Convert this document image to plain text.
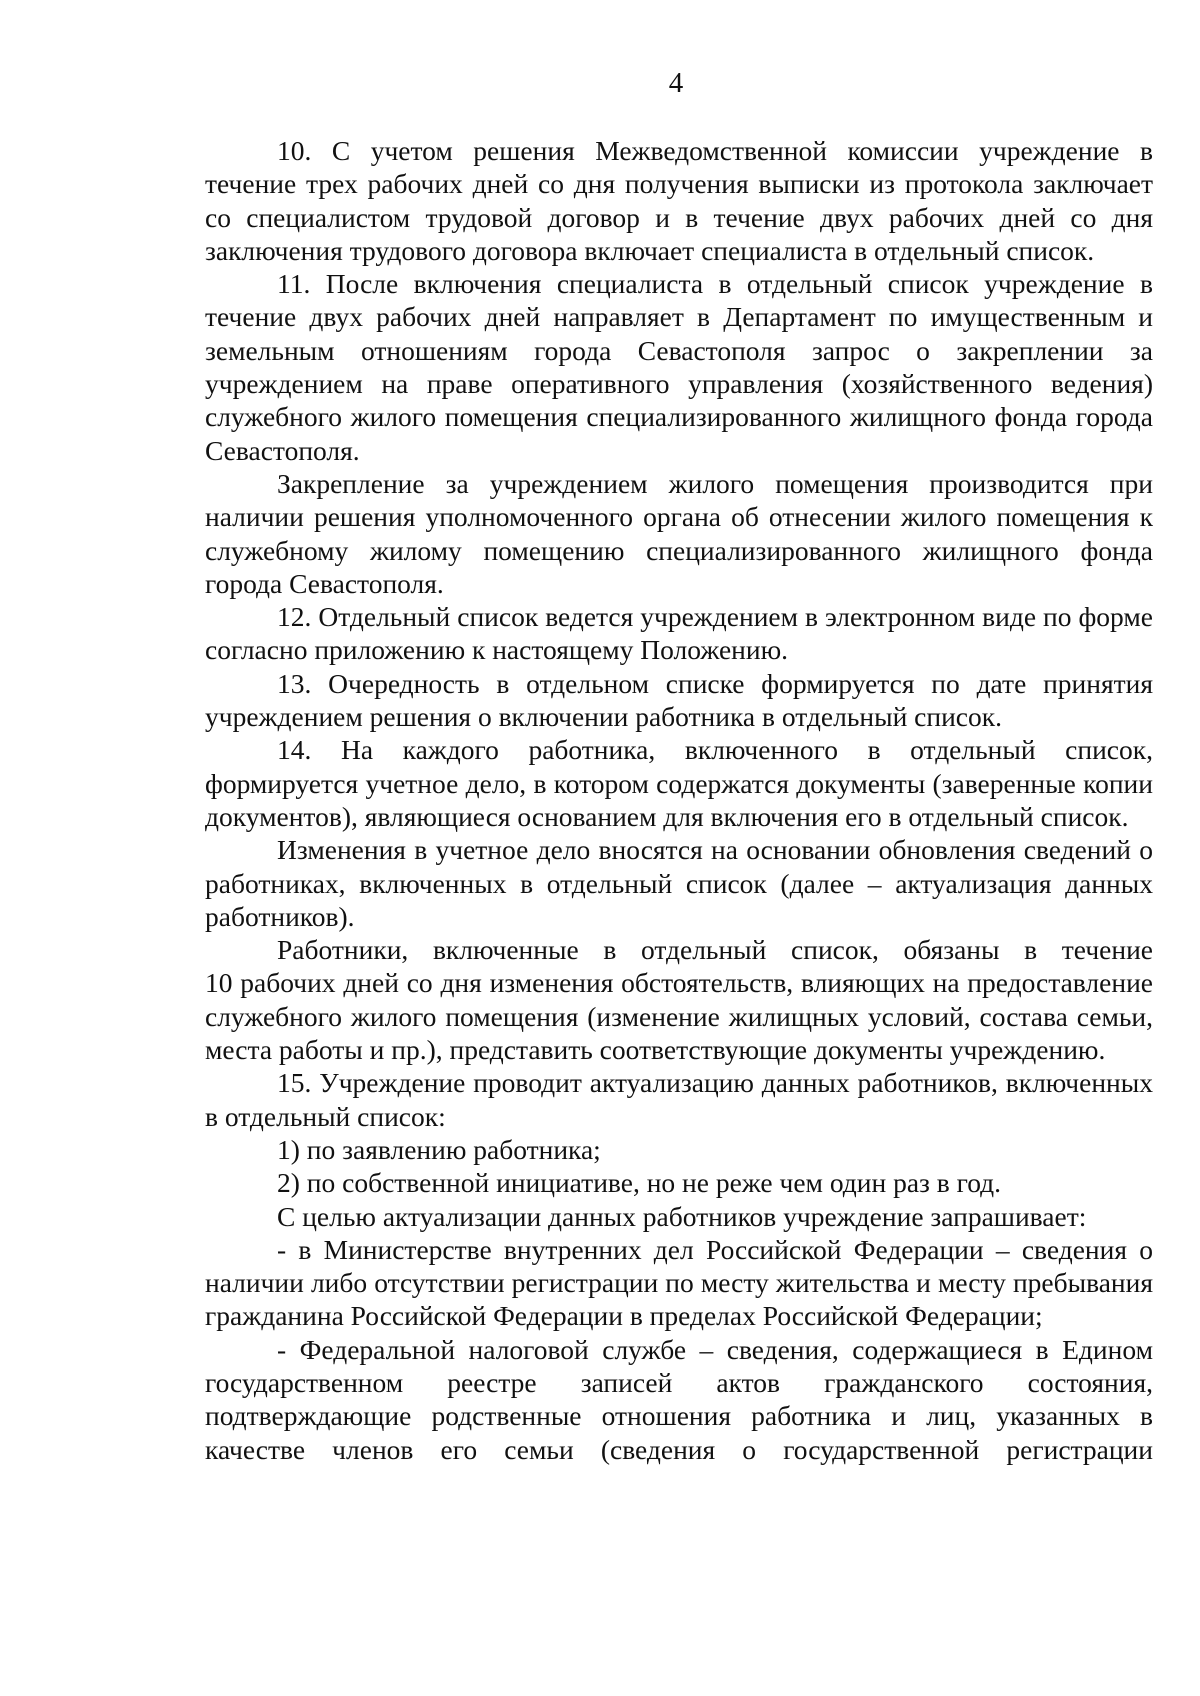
4

10. С учетом решения Межведомственной комиссии учреждение в течение трех рабочих дней со дня получения выписки из протокола заключает со специалистом трудовой договор и в течение двух рабочих дней со дня заключения трудового договора включает специалиста в отдельный список.

11. После включения специалиста в отдельный список учреждение в течение двух рабочих дней направляет в Департамент по имущественным и земельным отношениям города Севастополя запрос о закреплении за учреждением на праве оперативного управления (хозяйственного ведения) служебного жилого помещения специализированного жилищного фонда города Севастополя.

Закрепление за учреждением жилого помещения производится при наличии решения уполномоченного органа об отнесении жилого помещения к служебному жилому помещению специализированного жилищного фонда города Севастополя.

12. Отдельный список ведется учреждением в электронном виде по форме согласно приложению к настоящему Положению.

13. Очередность в отдельном списке формируется по дате принятия учреждением решения о включении работника в отдельный список.

14. На каждого работника, включенного в отдельный список, формируется учетное дело, в котором содержатся документы (заверенные копии документов), являющиеся основанием для включения его в отдельный список.

Изменения в учетное дело вносятся на основании обновления сведений о работниках, включенных в отдельный список (далее – актуализация данных работников).

Работники, включенные в отдельный список, обязаны в течение

10 рабочих дней со дня изменения обстоятельств, влияющих на предоставление служебного жилого помещения (изменение жилищных условий, состава семьи, места работы и пр.), представить соответствующие документы учреждению.

15. Учреждение проводит актуализацию данных работников, включенных в отдельный список:

1) по заявлению работника;

2) по собственной инициативе, но не реже чем один раз в год.

С целью актуализации данных работников учреждение запрашивает:

- в Министерстве внутренних дел Российской Федерации – сведения о наличии либо отсутствии регистрации по месту жительства и месту пребывания гражданина Российской Федерации в пределах Российской Федерации;

- Федеральной налоговой службе – сведения, содержащиеся в Едином государственном реестре записей актов гражданского состояния, подтверждающие родственные отношения работника и лиц, указанных в качестве членов его семьи (сведения о государственной регистрации
